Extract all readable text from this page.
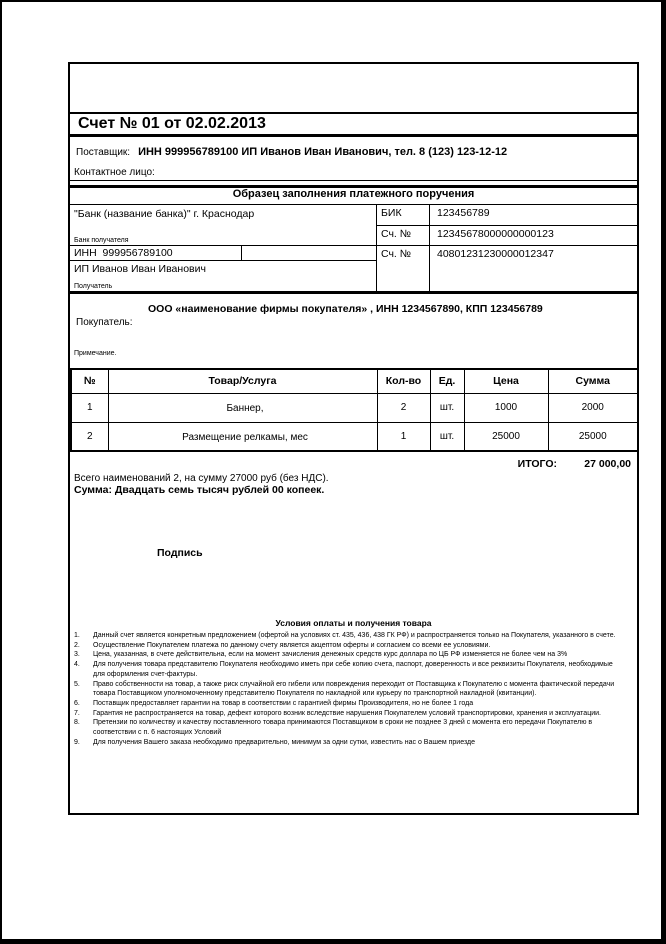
Счет № 01 от 02.02.2013
Поставщик: ИНН 999956789100 ИП Иванов Иван Иванович, тел. 8 (123) 123-12-12
Контактное лицо:
Образец заполнения платежного поручения
"Банк (название банка)" г. Краснодар
Банк получателя
БИК	123456789
Сч. №	12345678000000000123
ИНН  999956789100
ИП Иванов Иван Иванович
Получатель
Сч. №	40801231230000012347
ООО «наименование фирмы покупателя» , ИНН 1234567890, КПП 123456789
Покупатель:
Примечание.
№	Товар/Услуга	Кол-во	Ед.	Цена	Сумма
1	Баннер,	2	шт.	1000	2000
2	Размещение релкамы, мес	1	шт.	25000	25000
ИТОГО:	27 000,00
Всего наименований 2, на сумму 27000 руб (без НДС).
Сумма: Двадцать семь тысяч рублей 00 копеек.
Подпись
Условия оплаты и получения товара
1.	Данный счет является конкретным предложением (офертой на условиях ст. 435, 436, 438 ГК РФ) и распространяется только на Покупателя, указанного в счете.
2.	Осуществление Покупателем платежа по данному счету является акцептом оферты и согласием со всеми ее условиями.
3.	Цена, указанная, в счете действительна, если на момент зачисления денежных средств курс доллара по ЦБ РФ изменяется не более чем на 3%
4.	Для получения товара представителю Покупателя необходимо иметь при себе копию счета, паспорт, доверенность и все реквизиты Покупателя, необходимые для оформления счет-фактуры.
5.	Право собственности на товар, а также риск случайной его гибели или повреждения переходит от Поставщика к Покупателю с момента фактической передачи товара Поставщиком уполномоченному представителю Покупателя по накладной или курьеру по транспортной накладной (квитанции).
6.	Поставщик предоставляет гарантии на товар в соответствии с гарантией фирмы Производителя, но не более 1 года
7.	Гарантия не распространяется на товар, дефект которого возник вследствие нарушения Покупателем условий транспортировки, хранения и эксплуатации.
8.	Претензии по количеству и качеству поставленного товара принимаются Поставщиком в сроки не позднее 3 дней с момента его передачи Покупателю в соответствии с п. 6 настоящих Условий
9.	Для получения Вашего заказа необходимо предварительно, минимум за одни сутки, известить нас о Вашем приезде
